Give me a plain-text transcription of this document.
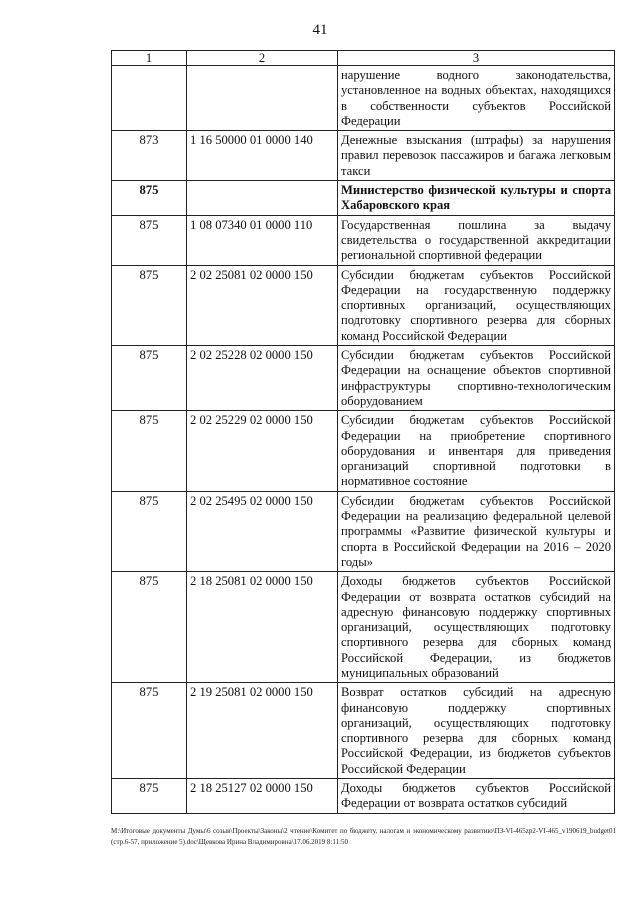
41
1	2	3
		нарушение водного законодательства, установленное на водных объектах, находящихся в собственности субъектов Российской Федерации
873	1 16 50000 01 0000 140	Денежные взыскания (штрафы) за нарушения правил перевозок пассажиров и багажа легковым такси
875		Министерство физической культуры и спорта Хабаровского края
875	1 08 07340 01 0000 110	Государственная пошлина за выдачу свидетельства о государственной аккредитации региональной спортивной федерации
875	2 02 25081 02 0000 150	Субсидии бюджетам субъектов Российской Федерации на государственную поддержку спортивных организаций, осуществляющих подготовку спортивного резерва для сборных команд Российской Федерации
875	2 02 25228 02 0000 150	Субсидии бюджетам субъектов Российской Федерации на оснащение объектов спортивной инфраструктуры спортивно-технологическим оборудованием
875	2 02 25229 02 0000 150	Субсидии бюджетам субъектов Российской Федерации на приобретение спортивного оборудования и инвентаря для приведения организаций спортивной подготовки в нормативное состояние
875	2 02 25495 02 0000 150	Субсидии бюджетам субъектов Российской Федерации на реализацию федеральной целевой программы «Развитие физической культуры и спорта в Российской Федерации на 2016 – 2020 годы»
875	2 18 25081 02 0000 150	Доходы бюджетов субъектов Российской Федерации от возврата остатков субсидий на адресную финансовую поддержку спортивных организаций, осуществляющих подготовку спортивного резерва для сборных команд Российской Федерации, из бюджетов муниципальных образований
875	2 19 25081 02 0000 150	Возврат остатков субсидий на адресную финансовую поддержку спортивных организаций, осуществляющих подготовку спортивного резерва для сборных команд Российской Федерации, из бюджетов субъектов Российской Федерации
875	2 18 25127 02 0000 150	Доходы бюджетов субъектов Российской Федерации от возврата остатков субсидий
М:\Итоговые документы Думы\6 созыв\Проекты\Законы\2 чтение\Комитет по бюджету, налогам и экономическому развитию\ПЗ-VI-465zp2-VI-465_v190619_budget01 (стр.6-57, приложение 5).doc\Щевкова Ирина Владимировна\17.06.2019 8:11:50
